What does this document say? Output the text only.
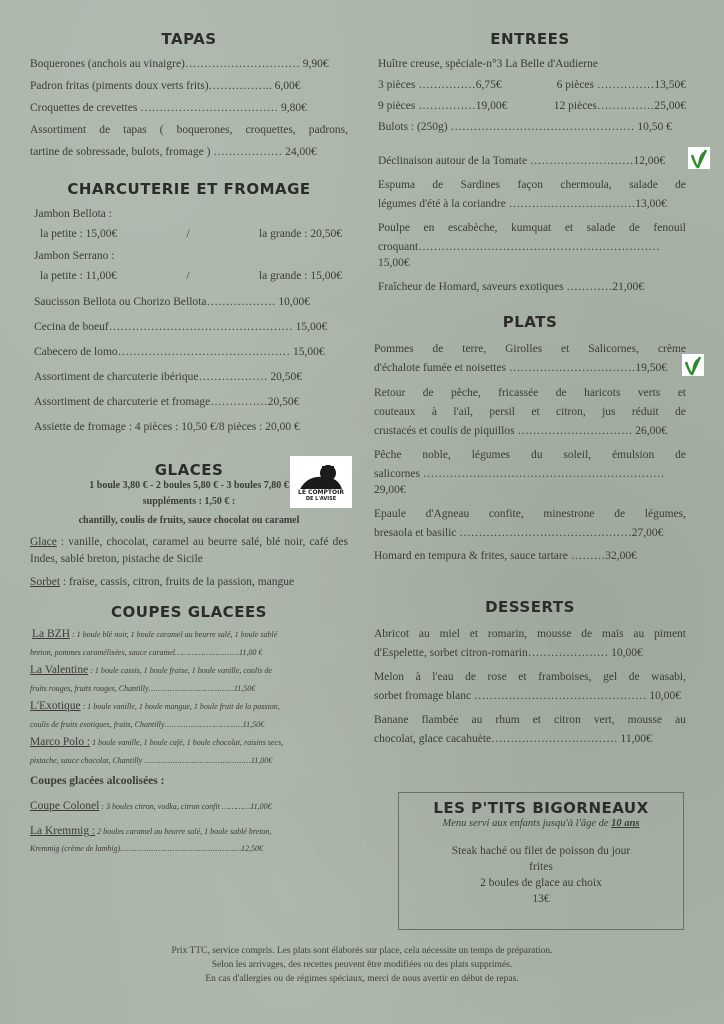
TAPAS
Boquerones (anchois au vinaigre)………………………… 9,90€
Padron fritas (piments doux verts frits)…………….. 6,00€
Croquettes de crevettes ……………………………… 9,80€
Assortiment de tapas ( boquerones, croquettes, padrons,
tartine de sobressade, bulots, fromage ) ……………… 24,00€
CHARCUTERIE ET FROMAGE
Jambon Bellota :
la petite : 15,00€	/	la grande : 20,50€
Jambon Serrano :
la petite : 11,00€	/	la grande : 15,00€
Saucisson Bellota ou Chorizo Bellota……………… 10,00€
Cecina de boeuf………………………………………… 15,00€
Cabecero de lomo……………………………………… 15,00€
Assortiment de charcuterie ibérique……………… 20,50€
Assortiment de charcuterie et fromage……………20,50€
Assiette de fromage : 4 pièces : 10,50 €/8 pièces : 20,00 €
GLACES
1 boule 3,80 € - 2 boules 5,80 € - 3 boules 7,80 €
suppléments : 1,50 € :
chantilly, coulis de fruits, sauce chocolat ou caramel
Glace : vanille, chocolat, caramel au beurre salé, blé noir, café des Indes, sablé breton, pistache de Sicile
Sorbet : fraise, cassis, citron, fruits de la passion, mangue
COUPES GLACEES
La BZH : 1 boule blé noir, 1 boule caramel au beurre salé, 1 boule sablé
breton, pommes caramélisées, sauce caramel………………………11,00 €
La Valentine : 1 boule cassis, 1 boule fraise, 1 boule vanille, coulis de
fruits rouges, fruits rouges, Chantilly………………………………11,50€
L'Exotique : 1 boule vanille, 1 boule mangue, 1 boule fruit de la passion,
coulis de fruits exotiques, fruits, Chantilly……………………………11,50€
Marco Polo : 1 boule vanille, 1 boule café, 1 boule chocolat, raisins secs,
pistache, sauce chocolat, Chantilly ………………………………………11,00€
Coupes glacées alcoolisées :
Coupe Colonel : 3 boules citron, vodka, citron confit …………11,00€
La Kremmig : 2 boules caramel au beurre salé, 1 boule sablé breton,
Kremmig (crème de lambig)……………………………………………12,50€
LE COMPTOIR
DE L'AVISE
ENTREES
Huître creuse, spéciale-n°3 La Belle d'Audierne
3 pièces ……………6,75€	6 pièces ……………13,50€
9 pièces ……………19,00€	12 pièces……………25,00€
Bulots : (250g) ………………………………………… 10,50 €
Déclinaison autour de la Tomate ………………………12,00€
Espuma de Sardines façon chermoula, salade de
légumes d'été à la coriandre ……………………………13,00€
Poulpe en escabèche, kumquat et salade de fenouil
croquant………………………………………………………15,00€
Fraîcheur de Homard, saveurs exotiques …………21,00€
PLATS
Pommes de terre, Girolles et Salicornes, crème
d'échalote fumée et noisettes ……………………………19,50€
Retour de pêche, fricassée de haricots verts et
couteaux à l'ail, persil et citron, jus réduit de
crustacés et coulis de piquillos ………………………… 26,00€
Pêche noble, légumes du soleil, émulsion de
salicornes ………………………………………………………29,00€
Epaule d'Agneau confite, minestrone de légumes,
bresaola et basilic ………………………………………27,00€
Homard en tempura & frites, sauce tartare ………32,00€
DESSERTS
Abricot au miel et romarin, mousse de maïs au piment
d'Espelette, sorbet citron-romarin………………… 10,00€
Melon à l'eau de rose et framboises, gel de wasabi,
sorbet fromage blanc ……………………………………… 10,00€
Banane flambée au rhum et citron vert, mousse au
chocolat, glace cacahuète…………………………… 11,00€
LES P'TITS BIGORNEAUX
Menu servi aux enfants jusqu'à l'âge de 10 ans
Steak haché ou filet de poisson du jour
frites
2 boules de glace au choix
13€
Prix TTC, service compris. Les plats sont élaborés sur place, cela nécessite un temps de préparation.
Selon les arrivages, des recettes peuvent être modifiées ou des plats supprimés.
En cas d'allergies ou de régimes spéciaux, merci de nous avertir en début de repas.
